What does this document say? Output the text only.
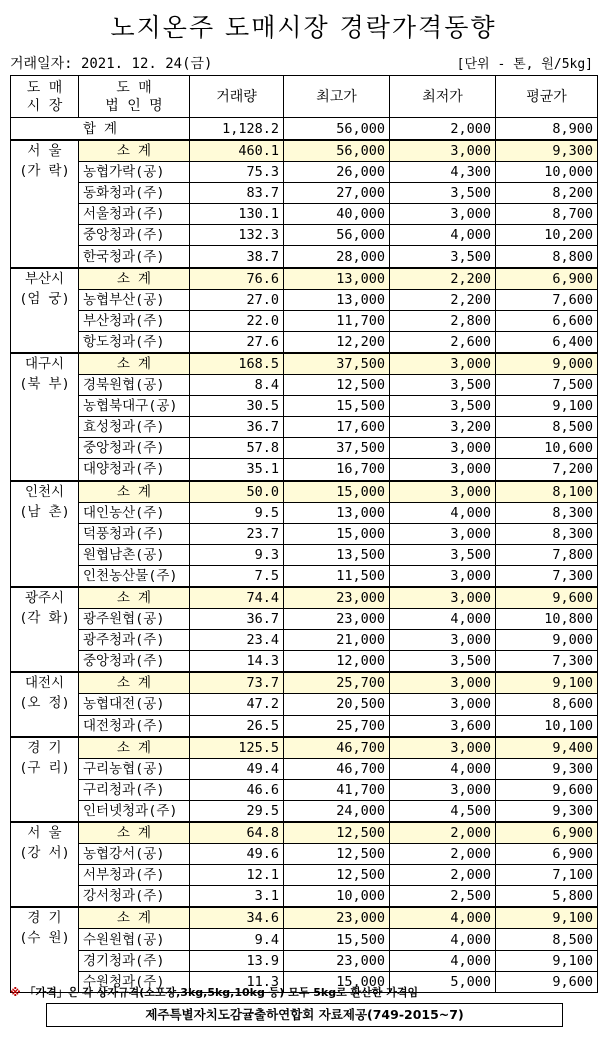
노지온주 도매시장 경락가격동향
거래일자: 2021. 12. 24(금)	[단위 - 톤, 원/5kg]
도 매
시 장	도 매
법 인 명	거래량	최고가	최저가	평균가
합 계		1,128.2	56,000	2,000	8,900
서 울
(가 락)	소 계	460.1	56,000	3,000	9,300
	농협가락(공)	75.3	26,000	4,300	10,000
	동화청과(주)	83.7	27,000	3,500	8,200
	서울청과(주)	130.1	40,000	3,000	8,700
	중앙청과(주)	132.3	56,000	4,000	10,200
	한국청과(주)	38.7	28,000	3,500	8,800
부산시
(엄 궁)	소 계	76.6	13,000	2,200	6,900
	농협부산(공)	27.0	13,000	2,200	7,600
	부산청과(주)	22.0	11,700	2,800	6,600
	항도청과(주)	27.6	12,200	2,600	6,400
대구시
(북 부)	소 계	168.5	37,500	3,000	9,000
	경북원협(공)	8.4	12,500	3,500	7,500
	농협북대구(공)	30.5	15,500	3,500	9,100
	효성청과(주)	36.7	17,600	3,200	8,500
	중앙청과(주)	57.8	37,500	3,000	10,600
	대양청과(주)	35.1	16,700	3,000	7,200
인천시
(남 촌)	소 계	50.0	15,000	3,000	8,100
	대인농산(주)	9.5	13,000	4,000	8,300
	덕풍청과(주)	23.7	15,000	3,000	8,300
	원협남촌(공)	9.3	13,500	3,500	7,800
	인천농산물(주)	7.5	11,500	3,000	7,300
광주시
(각 화)	소 계	74.4	23,000	3,000	9,600
	광주원협(공)	36.7	23,000	4,000	10,800
	광주청과(주)	23.4	21,000	3,000	9,000
	중앙청과(주)	14.3	12,000	3,500	7,300
대전시
(오 정)	소 계	73.7	25,700	3,000	9,100
	농협대전(공)	47.2	20,500	3,000	8,600
	대전청과(주)	26.5	25,700	3,600	10,100
경 기
(구 리)	소 계	125.5	46,700	3,000	9,400
	구리농협(공)	49.4	46,700	4,000	9,300
	구리청과(주)	46.6	41,700	3,000	9,600
	인터넷청과(주)	29.5	24,000	4,500	9,300
서 울
(강 서)	소 계	64.8	12,500	2,000	6,900
	농협강서(공)	49.6	12,500	2,000	6,900
	서부청과(주)	12.1	12,500	2,000	7,100
	강서청과(주)	3.1	10,000	2,500	5,800
경 기
(수 원)	소 계	34.6	23,000	4,000	9,100
	수원원협(공)	9.4	15,500	4,000	8,500
	경기청과(주)	13.9	23,000	4,000	9,100
	수원청과(주)	11.3	15,000	5,000	9,600
※ 「가격」은 각 상자규격(소포장,3kg,5kg,10kg 등) 모두 5kg로 환산한 가격임
제주특별자치도감귤출하연합회 자료제공(749-2015~7)
